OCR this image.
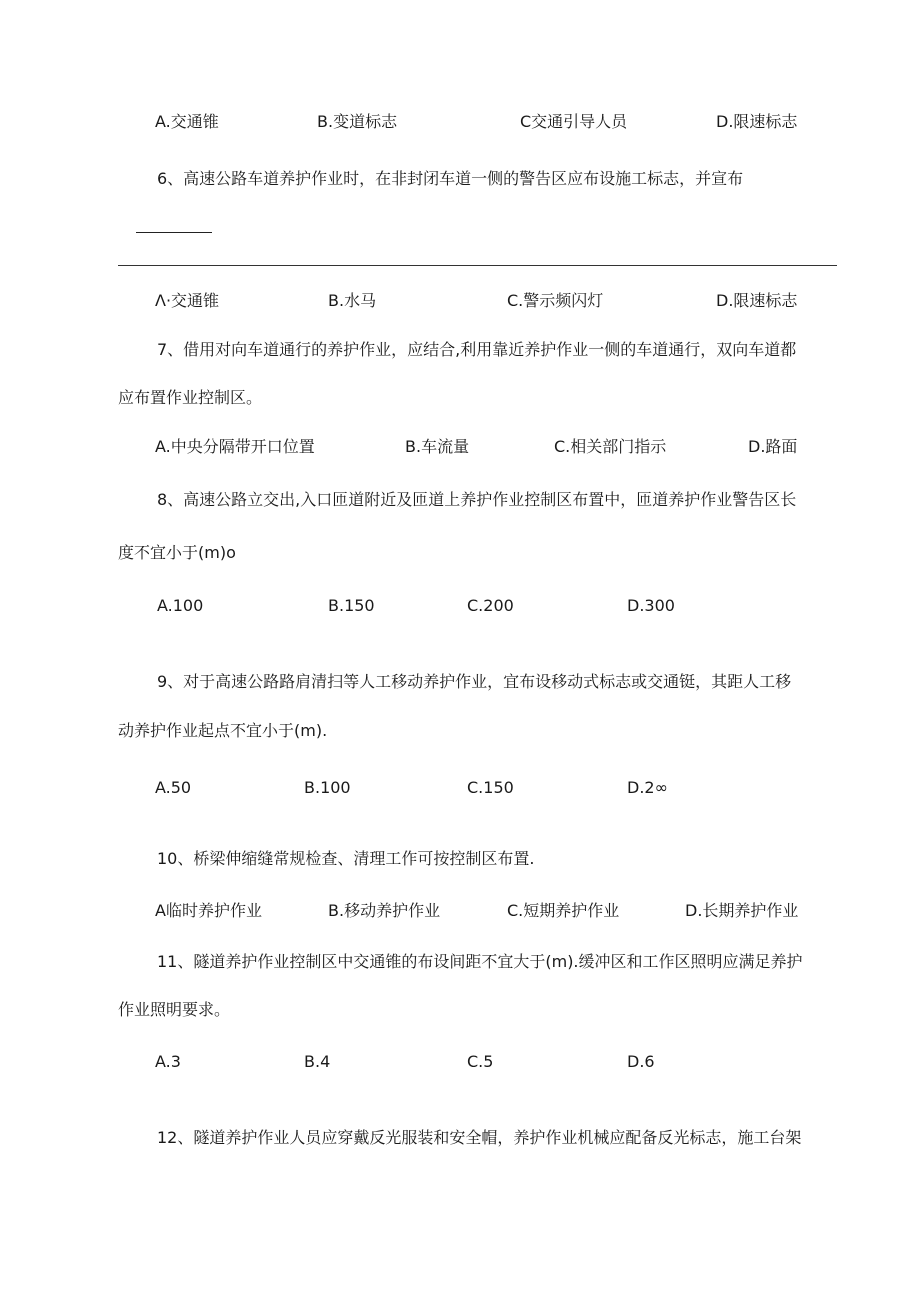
A.交通锥	B.变道标志	C交通引导人员	D.限速标志
6、高速公路车道养护作业时，在非封闭车道一侧的警告区应布设施工标志，并宣布
Λ·交通锥	B.水马	C.警示频闪灯	D.限速标志
7、借用对向车道通行的养护作业，应结合,利用靠近养护作业一侧的车道通行，双向车道都
应布置作业控制区。
A.中央分隔带开口位置	B.车流量	C.相关部门指示	D.路面
8、高速公路立交出,入口匝道附近及匝道上养护作业控制区布置中，匝道养护作业警告区长
度不宜小于(m)o
A.100	B.150	C.200	D.300
9、对于高速公路路肩清扫等人工移动养护作业，宜布设移动式标志或交通铤，其距人工移
动养护作业起点不宜小于(m).
A.50	B.100	C.150	D.2∞
10、桥梁伸缩缝常规检查、清理工作可按控制区布置.
A临时养护作业	B.移动养护作业	C.短期养护作业	D.长期养护作业
11、隧道养护作业控制区中交通锥的布设间距不宜大于(m).缓冲区和工作区照明应满足养护
作业照明要求。
A.3	B.4	C.5	D.6
12、隧道养护作业人员应穿戴反光服装和安全帽，养护作业机械应配备反光标志，施工台架
